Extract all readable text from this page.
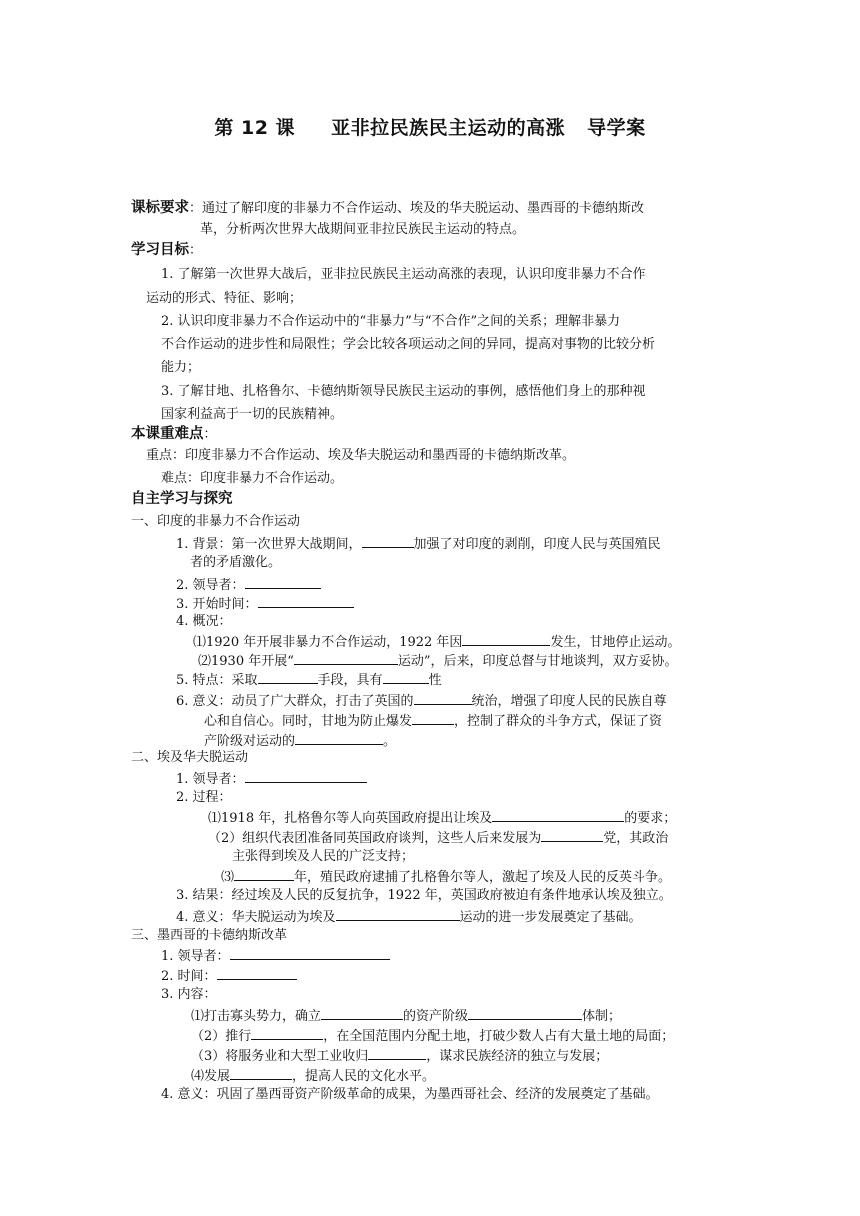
第 12 课 亚非拉民族民主运动的高涨 导学案
课标要求：通过了解印度的非暴力不合作运动、埃及的华夫脱运动、墨西哥的卡德纳斯改
革，分析两次世界大战期间亚非拉民族民主运动的特点。
学习目标：
1. 了解第一次世界大战后，亚非拉民族民主运动高涨的表现，认识印度非暴力不合作
运动的形式、特征、影响；
2. 认识印度非暴力不合作运动中的“非暴力”与“不合作”之间的关系；理解非暴力
不合作运动的进步性和局限性；学会比较各项运动之间的异同，提高对事物的比较分析
能力；
3. 了解甘地、扎格鲁尔、卡德纳斯领导民族民主运动的事例，感悟他们身上的那种视
国家利益高于一切的民族精神。
本课重难点：
重点：印度非暴力不合作运动、埃及华夫脱运动和墨西哥的卡德纳斯改革。
难点：印度非暴力不合作运动。
自主学习与探究
一、印度的非暴力不合作运动
1. 背景：第一次世界大战期间，	加强了对印度的剥削，印度人民与英国殖民
者的矛盾激化。
2. 领导者：
3. 开始时间：
4. 概况：
⑴1920 年开展非暴力不合作运动，1922 年因	发生，甘地停止运动。
⑵1930 年开展“	运动”，后来，印度总督与甘地谈判，双方妥协。
5. 特点：采取	手段，具有	性
6. 意义：动员了广大群众，打击了英国的	统治，增强了印度人民的民族自尊
心和自信心。同时，甘地为防止爆发	，控制了群众的斗争方式，保证了资
产阶级对运动的	。
二、埃及华夫脱运动
1. 领导者：
2. 过程：
⑴1918 年，扎格鲁尔等人向英国政府提出让埃及	的要求；
（2）组织代表团准备同英国政府谈判，这些人后来发展为	党，其政治
主张得到埃及人民的广泛支持；
⑶	年，殖民政府逮捕了扎格鲁尔等人，激起了埃及人民的反英斗争。
3. 结果：经过埃及人民的反复抗争，1922 年，英国政府被迫有条件地承认埃及独立。
4. 意义：华夫脱运动为埃及	运动的进一步发展奠定了基础。
三、墨西哥的卡德纳斯改革
1. 领导者：
2. 时间：
3. 内容：
⑴打击寡头势力，确立	的资产阶级	体制；
（2）推行	，在全国范围内分配土地，打破少数人占有大量土地的局面；
（3）将服务业和大型工业收归	，谋求民族经济的独立与发展；
⑷发展	，提高人民的文化水平。
4. 意义：巩固了墨西哥资产阶级革命的成果，为墨西哥社会、经济的发展奠定了基础。
